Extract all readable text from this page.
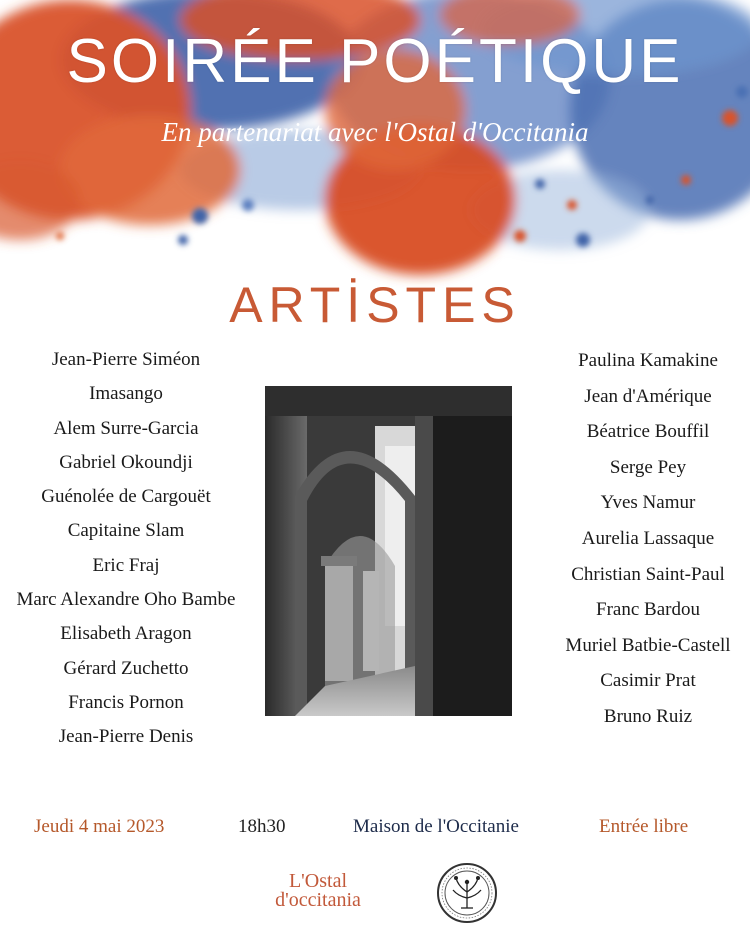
SOIRÉE POÉTIQUE
En partenariat avec l'Ostal d'Occitania
ARTİSTES
Jean-Pierre Siméon
Imasango
Alem Surre-Garcia
Gabriel Okoundji
Guénolée de Cargouët
Capitaine Slam
Eric Fraj
Marc Alexandre Oho Bambe
Elisabeth Aragon
Gérard Zuchetto
Francis Pornon
Jean-Pierre Denis
Paulina Kamakine
Jean d'Amérique
Béatrice Bouffil
Serge Pey
Yves Namur
Aurelia Lassaque
Christian Saint-Paul
Franc Bardou
Muriel Batbie-Castell
Casimir Prat
Bruno Ruiz
Jeudi 4 mai 2023	18h30	Maison de l'Occitanie	Entrée libre
L'Ostal
d'occitania
